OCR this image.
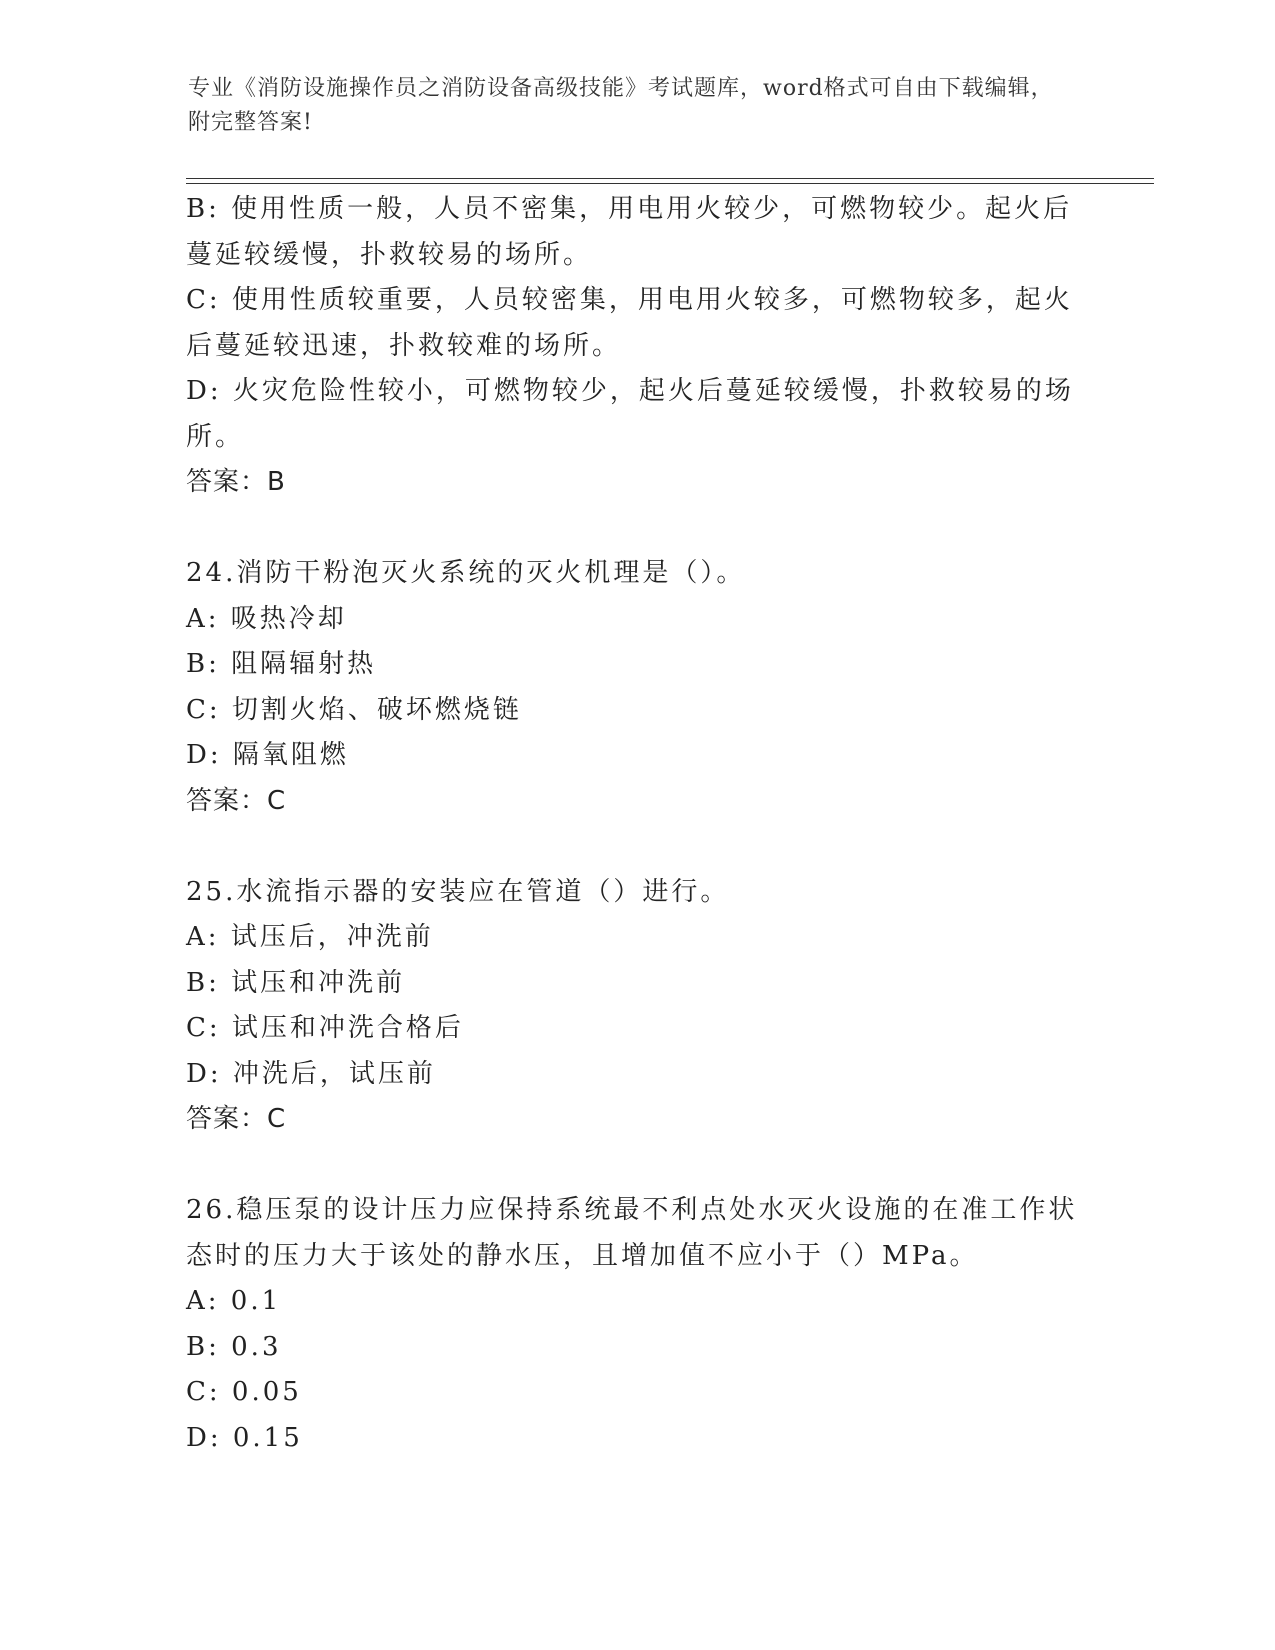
专业《消防设施操作员之消防设备高级技能》考试题库，word格式可自由下载编辑，附完整答案!

B: 使用性质一般，人员不密集，用电用火较少，可燃物较少。起火后蔓延较缓慢，扑救较易的场所。

C: 使用性质较重要，人员较密集，用电用火较多，可燃物较多，起火后蔓延较迅速，扑救较难的场所。

D: 火灾危险性较小，可燃物较少，起火后蔓延较缓慢，扑救较易的场所。

答案：B

24.消防干粉泡灭火系统的灭火机理是（）。

A: 吸热冷却

B: 阻隔辐射热

C: 切割火焰、破坏燃烧链

D: 隔氧阻燃

答案：C

25.水流指示器的安装应在管道（）进行。

A: 试压后，冲洗前

B: 试压和冲洗前

C: 试压和冲洗合格后

D: 冲洗后，试压前

答案：C

26.稳压泵的设计压力应保持系统最不利点处水灭火设施的在准工作状态时的压力大于该处的静水压，且增加值不应小于（）MPa。

A: 0.1

B: 0.3

C: 0.05

D: 0.15
